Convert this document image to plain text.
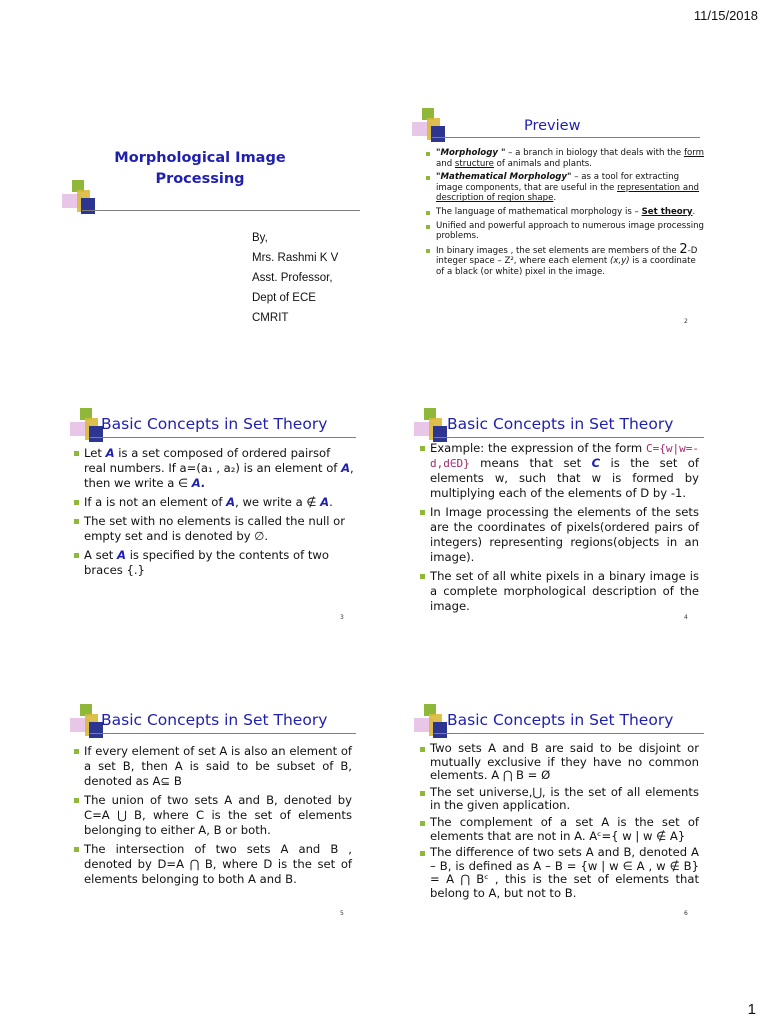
11/15/2018
Morphological Image
Processing
By,
Mrs. Rashmi K V
Asst. Professor,
Dept of ECE
CMRIT
Preview
"Morphology " – a branch in biology that deals with the form and structure of animals and plants.
"Mathematical Morphology" – as a tool for extracting image components, that are useful in the representation and description of region shape.
The language of mathematical morphology is – Set theory.
Unified and powerful approach to numerous image processing problems.
In binary images , the set elements are members of the 2-D integer space – Z², where each element (x,y) is a coordinate of a black (or white) pixel in the image.
2
Basic Concepts in Set Theory
Let A is a set composed of ordered pairsof real numbers. If a=(a₁ , a₂) is an element of A, then we write a ∈ A.
If a is not an element of A, we write a ∉ A.
The set with no elements is called the null or empty set and is denoted by ∅.
A set A is specified by the contents of two braces {.}
3
Basic Concepts in Set Theory
Example: the expression of the form C={w|w=-d,d∈D} means that set C is the set of elements w, such that w is formed by multiplying each of the elements of D by -1.
In Image processing the elements of the sets are the coordinates of pixels(ordered pairs of integers) representing regions(objects in an image).
The set of all white pixels in a binary image is a complete morphological description of the image.
4
Basic Concepts in Set Theory
If every element of set A is also an element of a set B, then A is said to be subset of B, denoted as A⊆ B
The union of two sets A and B, denoted by C=A ⋃ B, where C is the set of elements belonging to either A, B or both.
The intersection of two sets A and B , denoted by D=A ⋂ B, where D is the set of elements belonging to both A and B.
5
Basic Concepts in Set Theory
Two sets A and B are said to be disjoint or mutually exclusive if they have no common elements. A ⋂ B = Ø
The set universe,⋃, is the set of all elements in the given application.
The complement of a set A is the set of elements that are not in A. Aᶜ={ w | w ∉ A}
The difference of two sets A and B, denoted A – B, is defined as A – B = {w | w ∈ A , w ∉ B} = A ⋂ Bᶜ , this is the set of elements that belong to A, but not to B.
6
1
